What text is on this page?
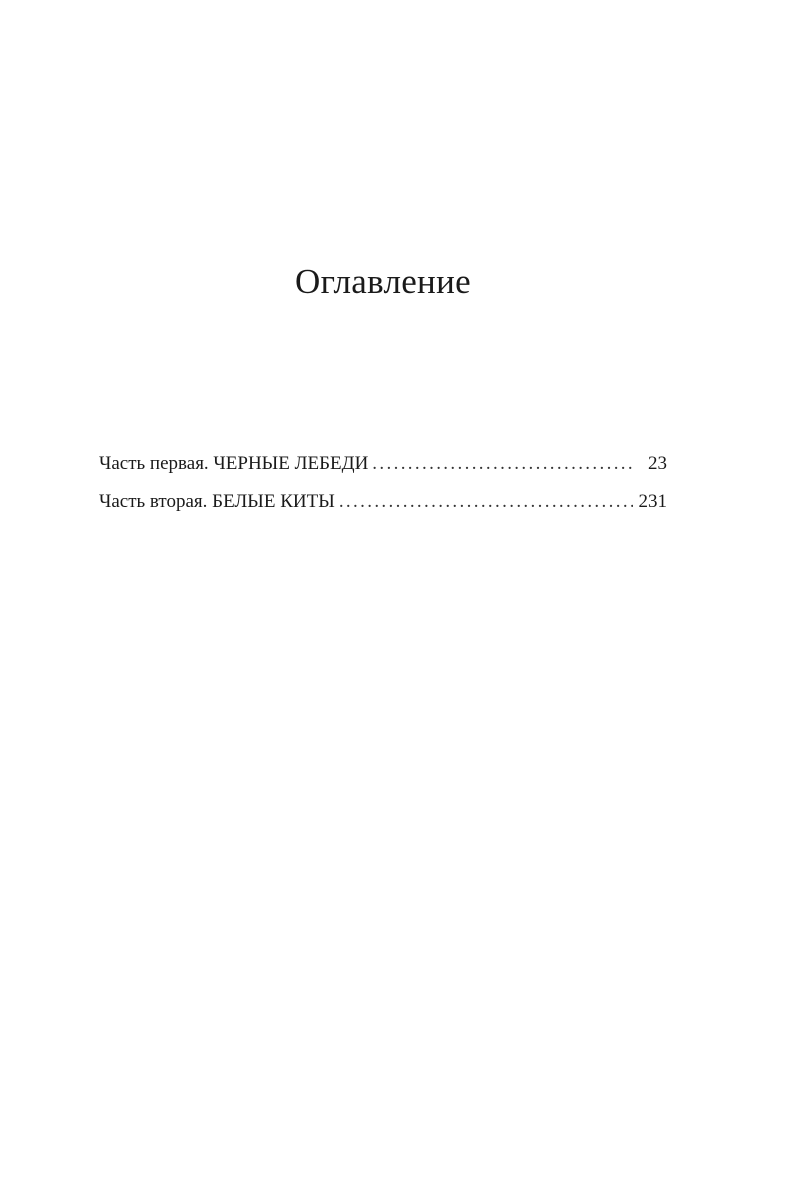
Оглавление
Часть первая. ЧЕРНЫЕ ЛЕБЕДИ . . .	23
Часть вторая. БЕЛЫЕ КИТЫ . . .	231
